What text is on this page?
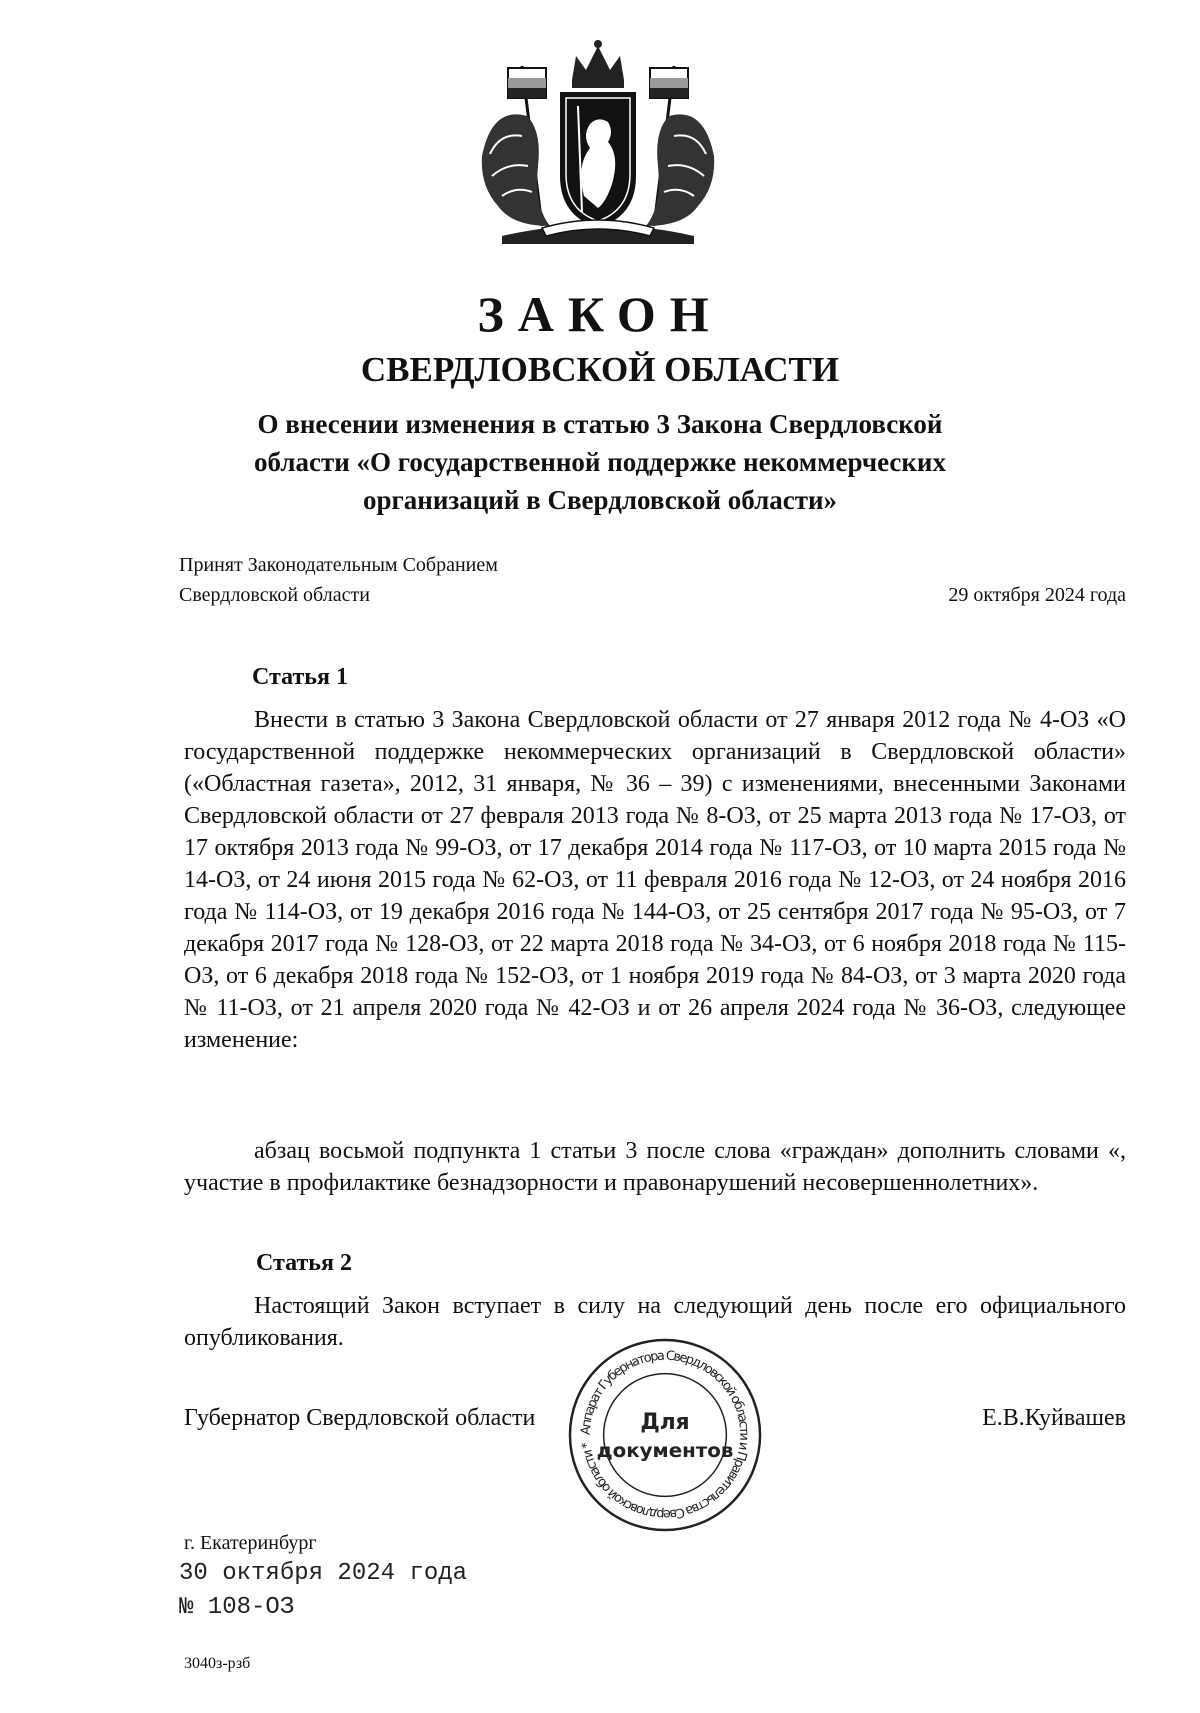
ЗАКОН
СВЕРДЛОВСКОЙ ОБЛАСТИ
О внесении изменения в статью 3 Закона Свердловской
области «О государственной поддержке некоммерческих
организаций в Свердловской области»
Принят Законодательным Собранием
Свердловской области	29 октября 2024 года
Статья 1
Внести в статью 3 Закона Свердловской области от 27 января 2012 года № 4-ОЗ «О государственной поддержке некоммерческих организаций в Свердловской области» («Областная газета», 2012, 31 января, № 36 – 39) с изменениями, внесенными Законами Свердловской области от 27 февраля 2013 года № 8-ОЗ, от 25 марта 2013 года № 17-ОЗ, от 17 октября 2013 года № 99-ОЗ, от 17 декабря 2014 года № 117-ОЗ, от 10 марта 2015 года № 14-ОЗ, от 24 июня 2015 года № 62-ОЗ, от 11 февраля 2016 года № 12-ОЗ, от 24 ноября 2016 года № 114-ОЗ, от 19 декабря 2016 года № 144-ОЗ, от 25 сентября 2017 года № 95-ОЗ, от 7 декабря 2017 года № 128-ОЗ, от 22 марта 2018 года № 34-ОЗ, от 6 ноября 2018 года № 115-ОЗ, от 6 декабря 2018 года № 152-ОЗ, от 1 ноября 2019 года № 84-ОЗ, от 3 марта 2020 года № 11-ОЗ, от 21 апреля 2020 года № 42-ОЗ и от 26 апреля 2024 года № 36-ОЗ, следующее изменение:
абзац восьмой подпункта 1 статьи 3 после слова «граждан» дополнить словами «, участие в профилактике безнадзорности и правонарушений несовершеннолетних».
Статья 2
Настоящий Закон вступает в силу на следующий день после его официального опубликования.
Губернатор Свердловской области	Е.В.Куйвашев
Аппарат Губернатора Свердловской области и Правительства Свердловской области *
Для
документов
г. Екатеринбург
30 октября 2024 года
№ 108-ОЗ
3040з-рзб
